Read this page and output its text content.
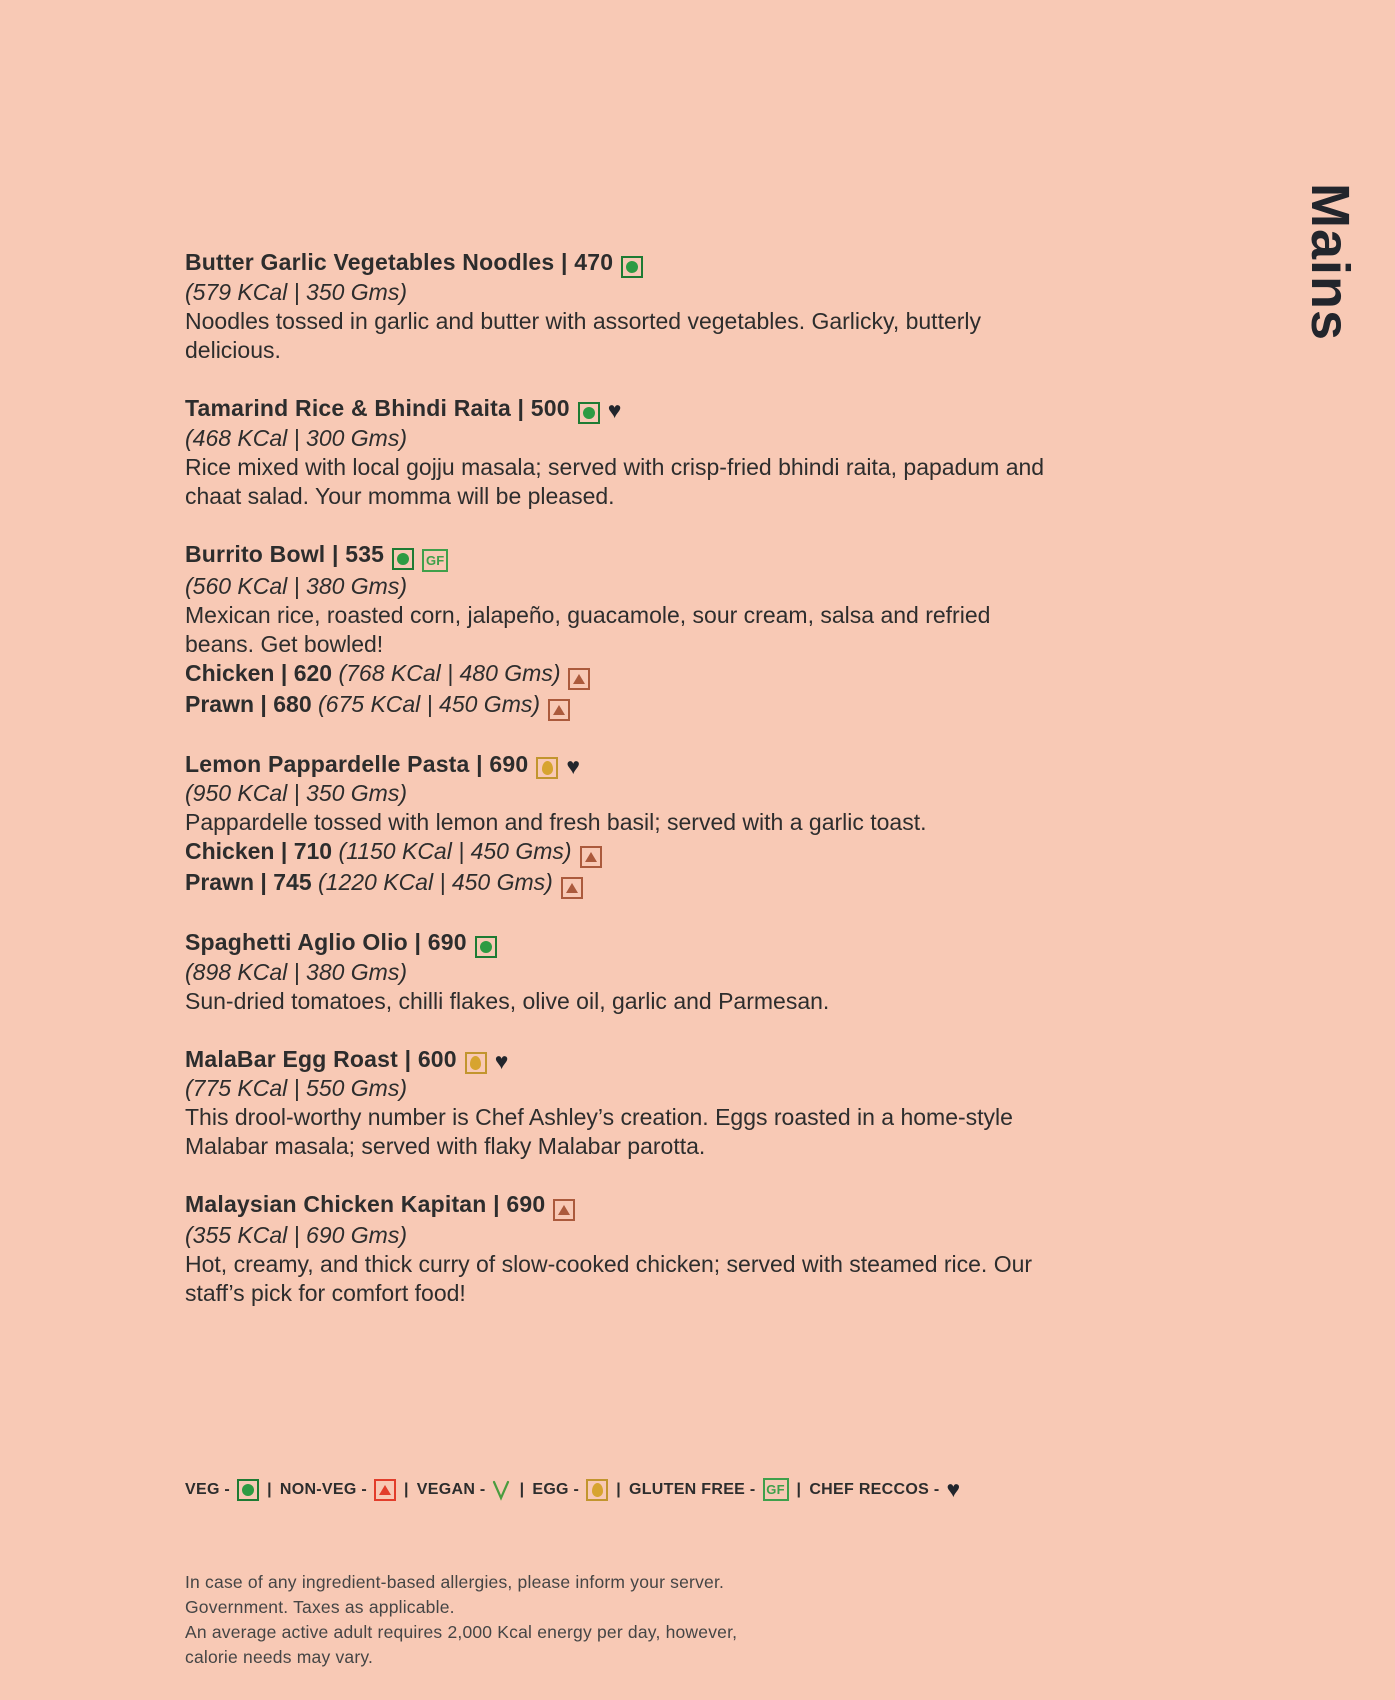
Mains
Butter Garlic Vegetables Noodles | 470
(579 KCal | 350 Gms)
Noodles tossed in garlic and butter with assorted vegetables. Garlicky, butterly delicious.
Tamarind Rice & Bhindi Raita | 500 ♥
(468 KCal | 300 Gms)
Rice mixed with local gojju masala; served with crisp-fried bhindi raita, papadum and chaat salad. Your momma will be pleased.
Burrito Bowl | 535	GF
(560 KCal | 380 Gms)
Mexican rice, roasted corn, jalapeño, guacamole, sour cream, salsa and refried beans. Get bowled!
Chicken | 620 (768 KCal | 480 Gms)
Prawn | 680 (675 KCal | 450 Gms)
Lemon Pappardelle Pasta | 690 ♥
(950 KCal | 350 Gms)
Pappardelle tossed with lemon and fresh basil; served with a garlic toast.
Chicken | 710 (1150 KCal | 450 Gms)
Prawn | 745 (1220 KCal | 450 Gms)
Spaghetti Aglio Olio | 690
(898 KCal | 380 Gms)
Sun-dried tomatoes, chilli flakes, olive oil, garlic and Parmesan.
MalaBar Egg Roast | 600 ♥
(775 KCal | 550 Gms)
This drool-worthy number is Chef Ashley’s creation. Eggs roasted in a home-style Malabar masala; served with flaky Malabar parotta.
Malaysian Chicken Kapitan | 690
(355 KCal | 690 Gms)
Hot, creamy, and thick curry of slow-cooked chicken; served with steamed rice. Our staff’s pick for comfort food!
VEG - | NON-VEG - | VEGAN - | EGG - | GLUTEN FREE - GF | CHEF RECCOS - ♥
In case of any ingredient-based allergies, please inform your server.
Government. Taxes as applicable.
An average active adult requires 2,000 Kcal energy per day, however,
calorie needs may vary.
